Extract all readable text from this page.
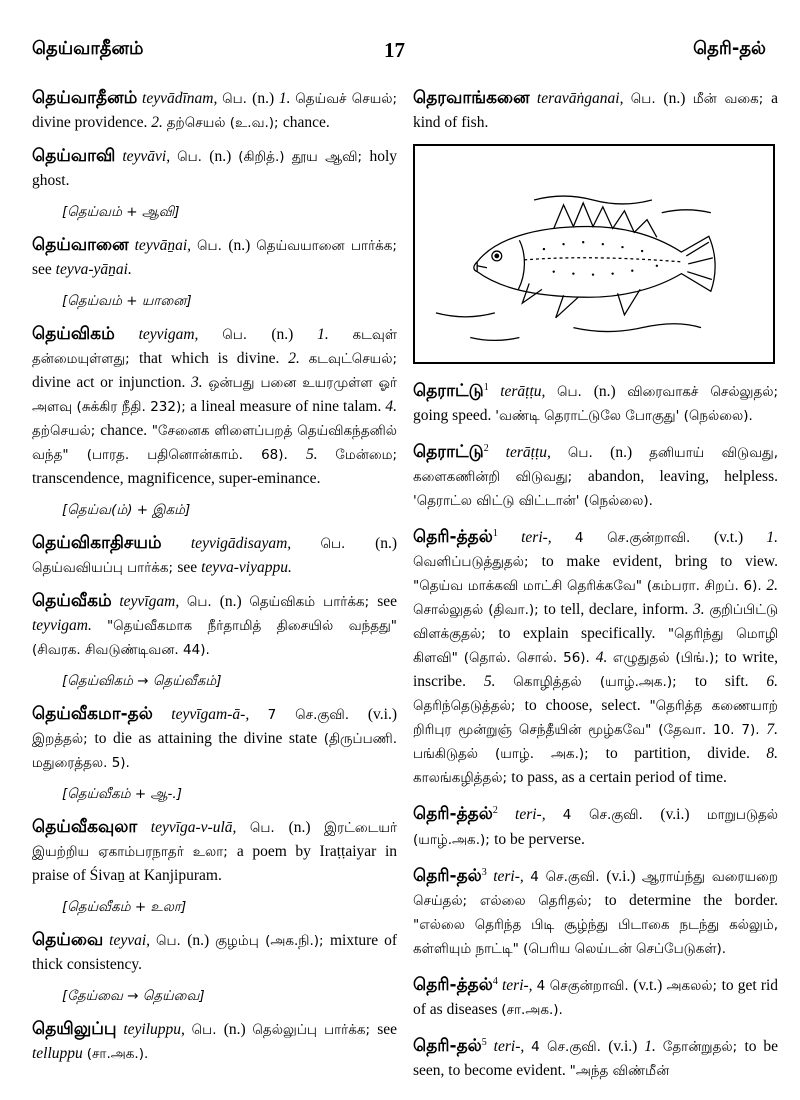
தெய்வாதீனம்	17	தெரி-தல்
தெய்வாதீனம் teyvādīnam, பெ. (n.) 1. தெய்வச் செயல்; divine providence. 2. தற்செயல் (உ.வ.); chance.
தெய்வாவி teyvāvi, பெ. (n.) (கிறித்.) தூய ஆவி; holy ghost.
[தெய்வம் + ஆவி]
தெய்வானை teyvāṉai, பெ. (n.) தெய்வயானை பார்க்க; see teyva-yāṉai.
[தெய்வம் + யானை]
தெய்விகம் teyvigam, பெ. (n.) 1. கடவுள் தன்மையுள்ளது; that which is divine. 2. கடவுட்செயல்; divine act or injunction. 3. ஒன்பது பனை உயரமுள்ள ஓர் அளவு (சுக்கிர நீதி. 232); a lineal measure of nine talam. 4. தற்செயல்; chance. "சேனைக ளிளைப்பறத் தெய்விகந்தனில் வந்த" (பாரத. பதினொன்காம். 68). 5. மேன்மை; transcendence, magnificence, super-eminance.
[தெய்வ(ம்) + இகம்]
தெய்விகாதிசயம் teyvigādisayam, பெ. (n.) தெய்வவியப்பு பார்க்க; see teyva-viyappu.
தெய்வீகம் teyvīgam, பெ. (n.) தெய்விகம் பார்க்க; see teyvigam. "தெய்வீகமாக நீர்தாமித் திசையில் வந்தது" (சிவரக. சிவடுண்டிவன. 44).
[தெய்விகம் → தெய்வீகம்]
தெய்வீகமா-தல் teyvīgam-ā-, 7 செ.குவி. (v.i.) இறத்தல்; to die as attaining the divine state (திருப்பணி. மதுரைத்தல. 5).
[தெய்வீகம் + ஆ-.]
தெய்வீகவுலா teyvīga-v-ulā, பெ. (n.) இரட்டையர் இயற்றிய ஏகாம்பரநாதர் உலா; a poem by Iraṭṭaiyar in praise of Śivaṉ at Kanjipuram.
[தெய்வீகம் + உலா]
தெய்வை teyvai, பெ. (n.) குழம்பு (அக.நி.); mixture of thick consistency.
[தேய்வை → தெய்வை]
தெயிலுப்பு teyiluppu, பெ. (n.) தெல்லுப்பு பார்க்க; see telluppu (சா.அக.).
தெரவாங்கனை teravāṅganai, பெ. (n.) மீன் வகை; a kind of fish.
தெராட்டு$^1$ terāṭṭu, பெ. (n.) விரைவாகச் செல்லுதல்; going speed. 'வண்டி தெராட்டுலே போகுது' (நெல்லை).
தெராட்டு$^2$ terāṭṭu, பெ. (n.) தனியாய் விடுவது, களைகணின்றி விடுவது; abandon, leaving, helpless. 'தெராட்ல விட்டு விட்டான்' (நெல்லை).
தெரி-த்தல்$^1$ teri-, 4 செ.குன்றாவி. (v.t.) 1. வெளிப்படுத்துதல்; to make evident, bring to view. "தெய்வ மாக்கவி மாட்சி தெரிக்கவே" (கம்பரா. சிறப். 6). 2. சொல்லுதல் (திவா.); to tell, declare, inform. 3. குறிப்பிட்டு விளக்குதல்; to explain specifically. "தெரிந்து மொழி கிளவி" (தொல். சொல். 56). 4. எழுதுதல் (பிங்.); to write, inscribe. 5. கொழித்தல் (யாழ்.அக.); to sift. 6. தெரிந்தெடுத்தல்; to choose, select. "தெரித்த கணையாற் றிரிபுர மூன்றுஞ் செந்தீயின் மூழ்கவே" (தேவா. 10. 7). 7. பங்கிடுதல் (யாழ். அக.); to partition, divide. 8. காலங்கழித்தல்; to pass, as a certain period of time.
தெரி-த்தல்$^2$ teri-, 4 செ.குவி. (v.i.) மாறுபடுதல் (யாழ்.அக.); to be perverse.
தெரி-தல்$^3$ teri-, 4 செ.குவி. (v.i.) ஆராய்ந்து வரையறை செய்தல்; எல்லை தெரிதல்; to determine the border. "எல்லை தெரிந்த பிடி சூழ்ந்து பிடாகை நடந்து கல்லும், கள்ளியும் நாட்டி" (பெரிய லெய்டன் செப்பேடுகள்).
தெரி-த்தல்$^4$ teri-, 4 செகுன்றாவி. (v.t.) அகலல்; to get rid of as diseases (சா.அக.).
தெரி-தல்$^5$ teri-, 4 செ.குவி. (v.i.) 1. தோன்றுதல்; to be seen, to become evident. "அந்த விண்மீன்
